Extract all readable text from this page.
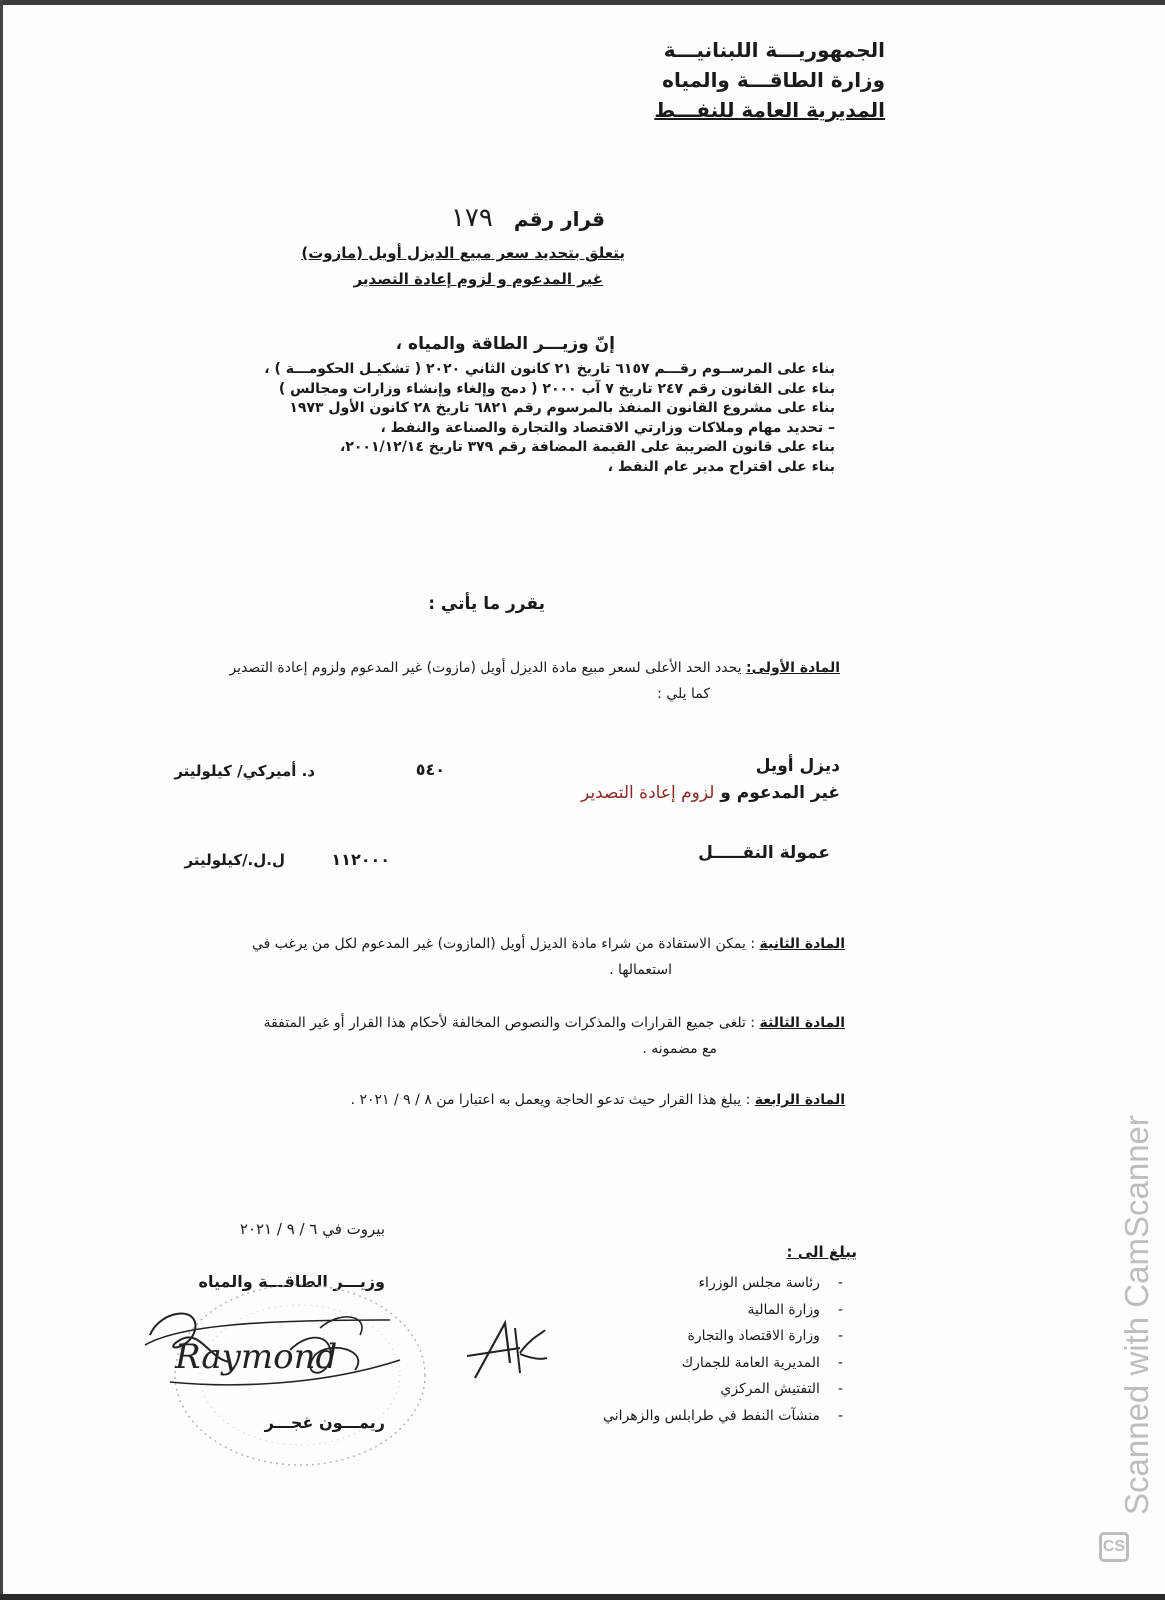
الجمهوريـــة اللبنانيـــة
وزارة الطاقـــة والمياه
المديرية العامة للنفـــط
قرار رقم ١٧٩
يتعلق بتحديد سعر مبيع الديزل أويل (مازوت)
غير المدعوم و لزوم إعادة التصدير
إنّ وزيـــر الطاقة والمياه ،
بناء على المرســوم رقـــم ٦١٥٧ تاريخ ٢١ كانون الثاني ٢٠٢٠ ( تشكيـل الحكومـــة ) ،
بناء على القانون رقم ٢٤٧ تاريخ ٧ آب ٢٠٠٠ ( دمج وإلغاء وإنشاء وزارات ومجالس )
بناء على مشروع القانون المنفذ بالمرسوم رقم ٦٨٢١ تاريخ ٢٨ كانون الأول ١٩٧٣
– تحديد مهام وملاكات وزارتي الاقتصاد والتجارة والصناعة والنفط ،
بناء على قانون الضريبة على القيمة المضافة رقم ٣٧٩ تاريخ ٢٠٠١/١٢/١٤،
بناء على اقتراح مدير عام النفط ،
يقرر ما يأتي :
المادة الأولى: يحدد الحد الأعلى لسعر مبيع مادة الديزل أويل (مازوت) غير المدعوم ولزوم إعادة التصدير
كما يلي :
ديزل أويل
٥٤٠
د. أميركي/ كيلوليتر
غير المدعوم و لزوم إعادة التصدير
عمولة النقـــــل
١١٢٠٠٠
ل.ل./كيلوليتر
المادة الثانية : يمكن الاستفادة من شراء مادة الديزل أويل (المازوت) غير المدعوم لكل من يرغب في
استعمالها .
المادة الثالثة : تلغى جميع القرارات والمذكرات والنصوص المخالفة لأحكام هذا القرار أو غير المتفقة
مع مضمونه .
المادة الرابعة : يبلغ هذا القرار حيث تدعو الحاجة ويعمل به اعتبارا من ٨ / ٩ / ٢٠٢١ .
بيروت في ٦ / ٩ / ٢٠٢١
يبلغ الى :
-رئاسة مجلس الوزراء
-وزارة المالية
-وزارة الاقتصاد والتجارة
-المديرية العامة للجمارك
-التفتيش المركزي
-منشآت النفط في طرابلس والزهراني
وزيـــر الطاقـــة والمياه
Raymond
ريمـــون غجـــر	Scanned with CamScanner
CS
